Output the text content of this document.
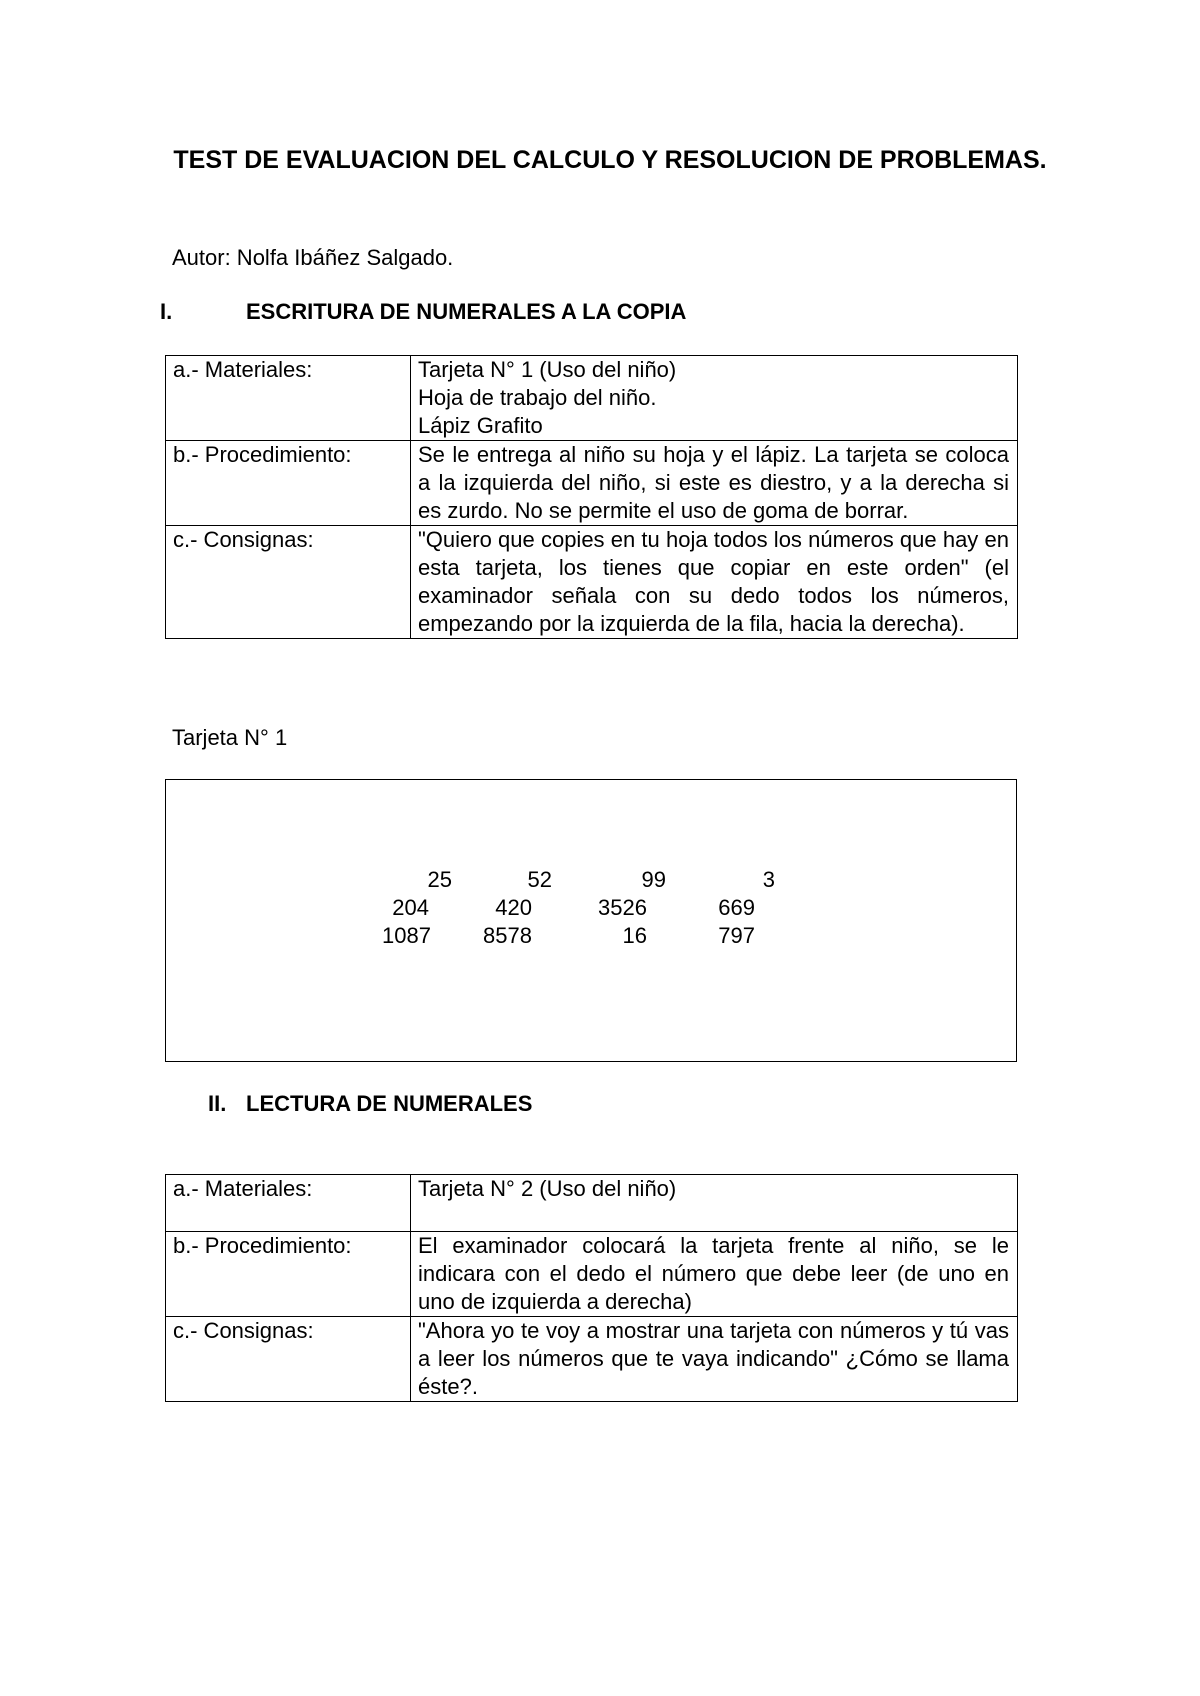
TEST DE EVALUACION DEL CALCULO Y RESOLUCION DE PROBLEMAS.
Autor: Nolfa Ibáñez Salgado.
I.	ESCRITURA DE NUMERALES A LA COPIA
a.- Materiales:	Tarjeta N° 1 (Uso del niño)
Hoja de trabajo del niño.
Lápiz Grafito

b.- Procedimiento:	Se le entrega al niño su hoja y el lápiz. La tarjeta se coloca a la izquierda del niño, si este es diestro, y a la derecha si es zurdo. No se permite el uso de goma de borrar.
c.- Consignas:	"Quiero que copies en tu hoja todos los números que hay en esta tarjeta, los tienes que copiar en este orden" (el examinador señala con su dedo todos los números, empezando por la izquierda de la fila, hacia la derecha).
Tarjeta N° 1
25	52	99	3
204	420	3526	669
1087	8578	16	797
II. LECTURA DE NUMERALES
a.- Materiales:	Tarjeta N° 2 (Uso del niño)
b.- Procedimiento:	El examinador colocará la tarjeta frente al niño, se le indicara con el dedo el número que debe leer (de uno en uno de izquierda a derecha)
c.- Consignas:	"Ahora yo te voy a mostrar una tarjeta con números y tú vas a leer los números que te vaya indicando" ¿Cómo se llama éste?.
